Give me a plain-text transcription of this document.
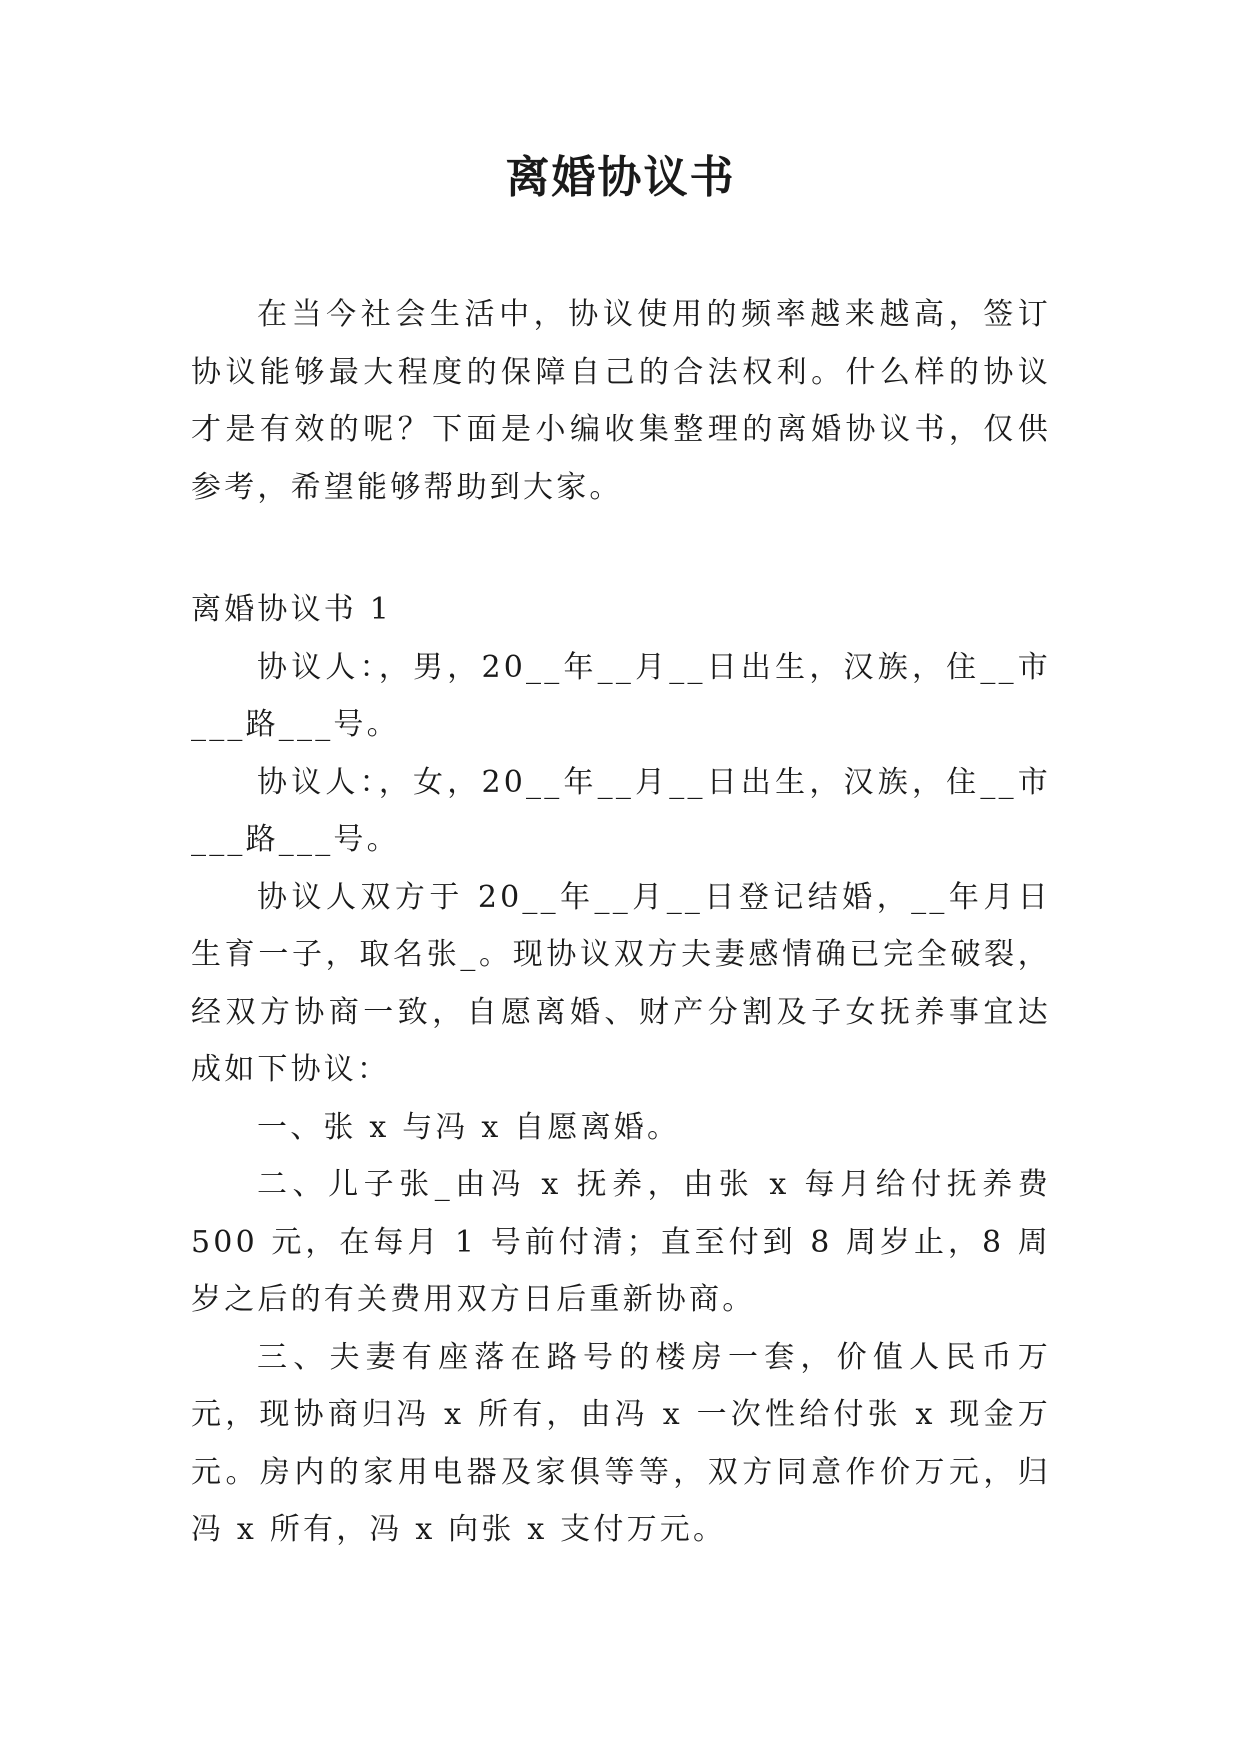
离婚协议书

在当今社会生活中，协议使用的频率越来越高，签订协议能够最大程度的保障自己的合法权利。什么样的协议才是有效的呢？下面是小编收集整理的离婚协议书，仅供参考，希望能够帮助到大家。

离婚协议书 1

协议人：，男，20__年__月__日出生，汉族，住__市___路___号。

协议人：，女，20__年__月__日出生，汉族，住__市___路___号。

协议人双方于 20__年__月__日登记结婚，__年月日生育一子，取名张_。现协议双方夫妻感情确已完全破裂，经双方协商一致，自愿离婚、财产分割及子女抚养事宜达成如下协议：

一、张 x 与冯 x 自愿离婚。

二、儿子张_由冯 x 抚养，由张 x 每月给付抚养费 500 元，在每月 1 号前付清；直至付到 8 周岁止，8 周岁之后的有关费用双方日后重新协商。

三、夫妻有座落在路号的楼房一套，价值人民币万元，现协商归冯 x 所有，由冯 x 一次性给付张 x 现金万元。房内的家用电器及家俱等等，双方同意作价万元，归冯 x 所有，冯 x 向张 x 支付万元。
